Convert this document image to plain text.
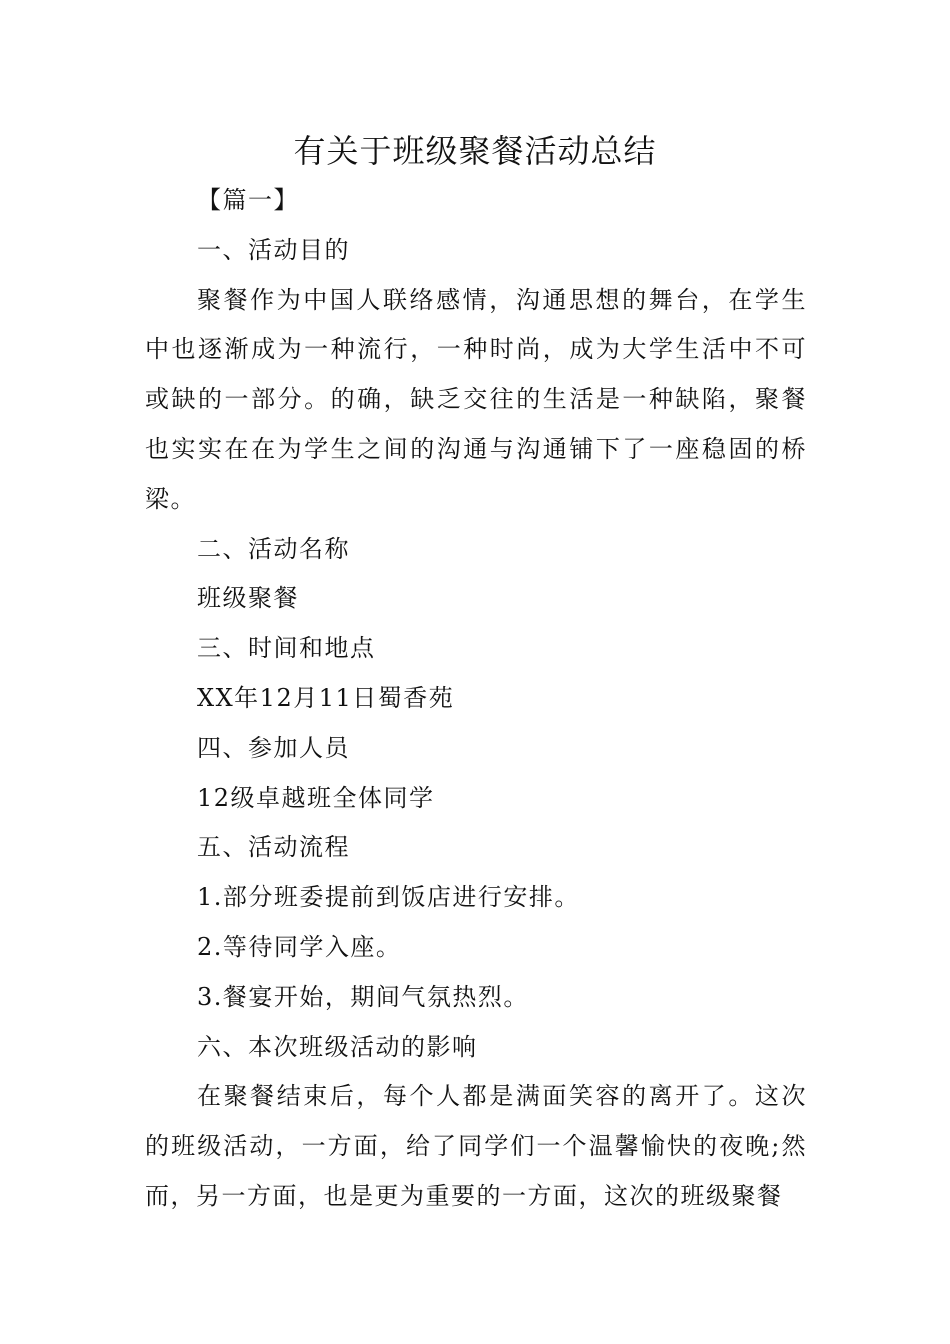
有关于班级聚餐活动总结

【篇一】

一、活动目的

聚餐作为中国人联络感情，沟通思想的舞台，在学生中也逐渐成为一种流行，一种时尚，成为大学生活中不可或缺的一部分。的确，缺乏交往的生活是一种缺陷，聚餐也实实在在为学生之间的沟通与沟通铺下了一座稳固的桥梁。

二、活动名称

班级聚餐

三、时间和地点

XX年12月11日蜀香苑

四、参加人员

12级卓越班全体同学

五、活动流程

1.部分班委提前到饭店进行安排。

2.等待同学入座。

3.餐宴开始，期间气氛热烈。

六、本次班级活动的影响

在聚餐结束后，每个人都是满面笑容的离开了。这次的班级活动，一方面，给了同学们一个温馨愉快的夜晚;然而，另一方面，也是更为重要的一方面，这次的班级聚餐
